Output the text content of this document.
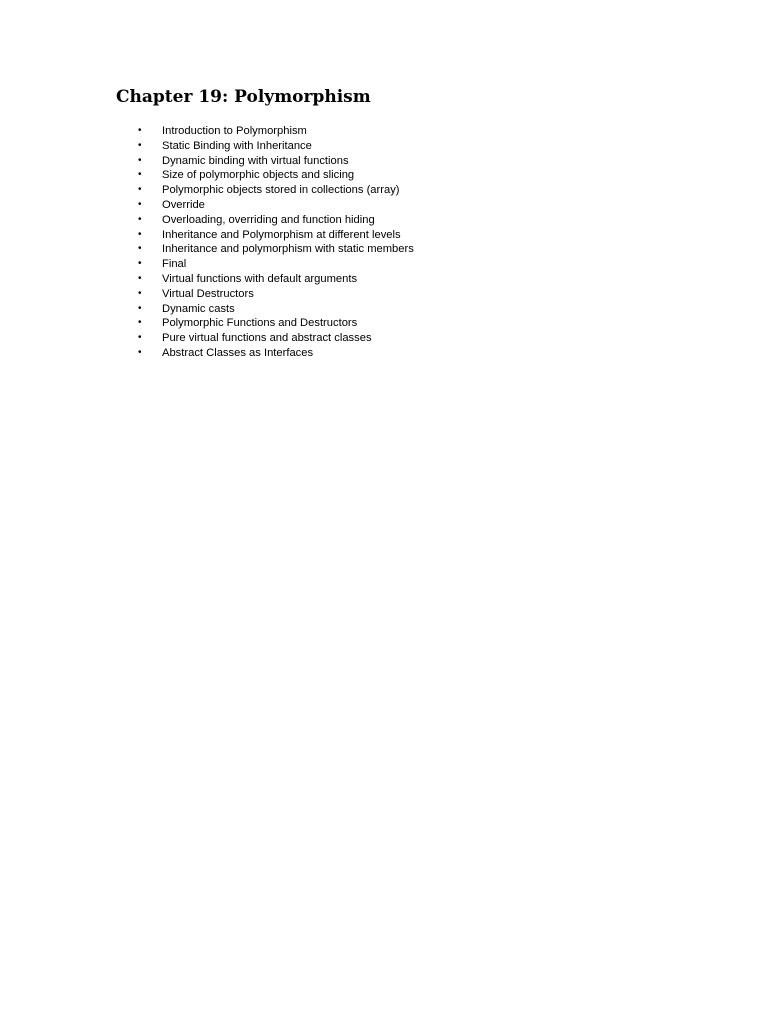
Chapter 19: Polymorphism
•	Introduction to Polymorphism
•	Static Binding with Inheritance
•	Dynamic binding with virtual functions
•	Size of polymorphic objects and slicing
•	Polymorphic objects stored in collections (array)
•	Override
•	Overloading, overriding and function hiding
•	Inheritance and Polymorphism at different levels
•	Inheritance and polymorphism with static members
•	Final
•	Virtual functions with default arguments
•	Virtual Destructors
•	Dynamic casts
•	Polymorphic Functions and Destructors
•	Pure virtual functions and abstract classes
•	Abstract Classes as Interfaces
